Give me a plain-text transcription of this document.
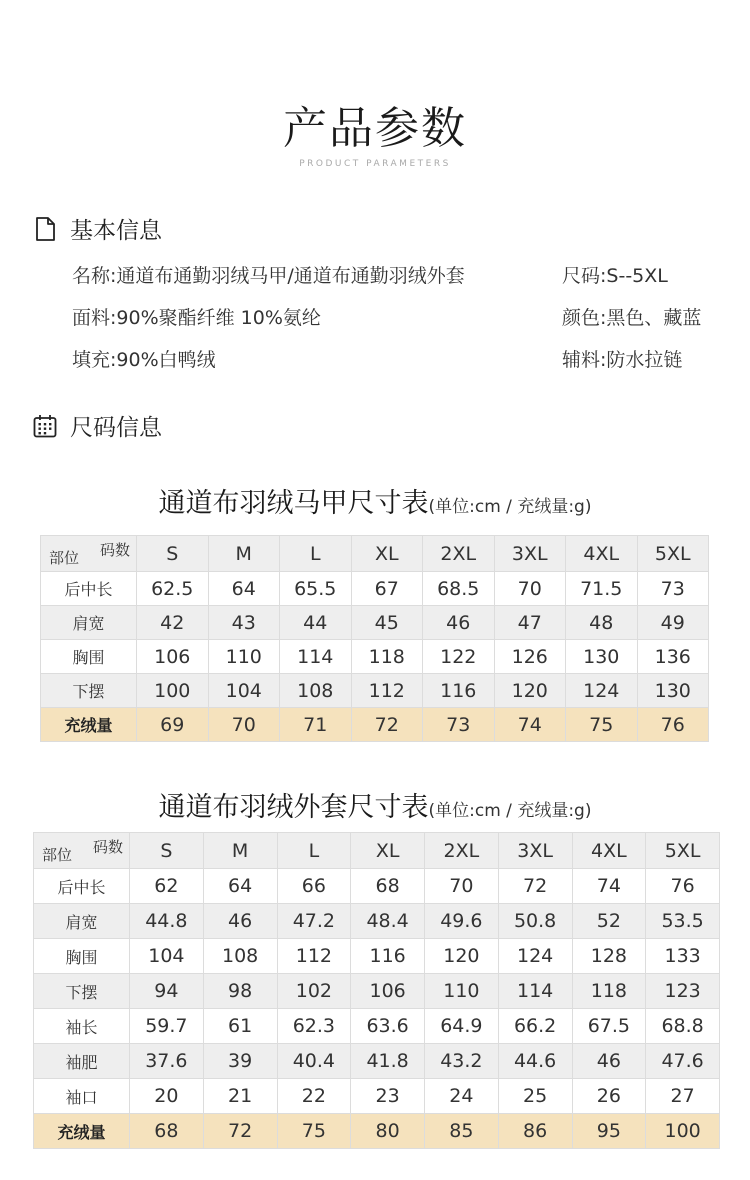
产品参数
PRODUCT PARAMETERS
基本信息
名称:通道布通勤羽绒马甲/通道布通勤羽绒外套	尺码:S--5XL
面料:90%聚酯纤维 10%氨纶	颜色:黑色、藏蓝
填充:90%白鸭绒	辅料:防水拉链
尺码信息
通道布羽绒马甲尺寸表(单位:cm / 充绒量:g)
码数
部位	S	M	L	XL	2XL	3XL	4XL	5XL
后中长	62.5	64	65.5	67	68.5	70	71.5	73
肩宽	42	43	44	45	46	47	48	49
胸围	106	110	114	118	122	126	130	136
下摆	100	104	108	112	116	120	124	130
充绒量	69	70	71	72	73	74	75	76
通道布羽绒外套尺寸表(单位:cm / 充绒量:g)
码数
部位	S	M	L	XL	2XL	3XL	4XL	5XL
后中长	62	64	66	68	70	72	74	76
肩宽	44.8	46	47.2	48.4	49.6	50.8	52	53.5
胸围	104	108	112	116	120	124	128	133
下摆	94	98	102	106	110	114	118	123
袖长	59.7	61	62.3	63.6	64.9	66.2	67.5	68.8
袖肥	37.6	39	40.4	41.8	43.2	44.6	46	47.6
袖口	20	21	22	23	24	25	26	27
充绒量	68	72	75	80	85	86	95	100
